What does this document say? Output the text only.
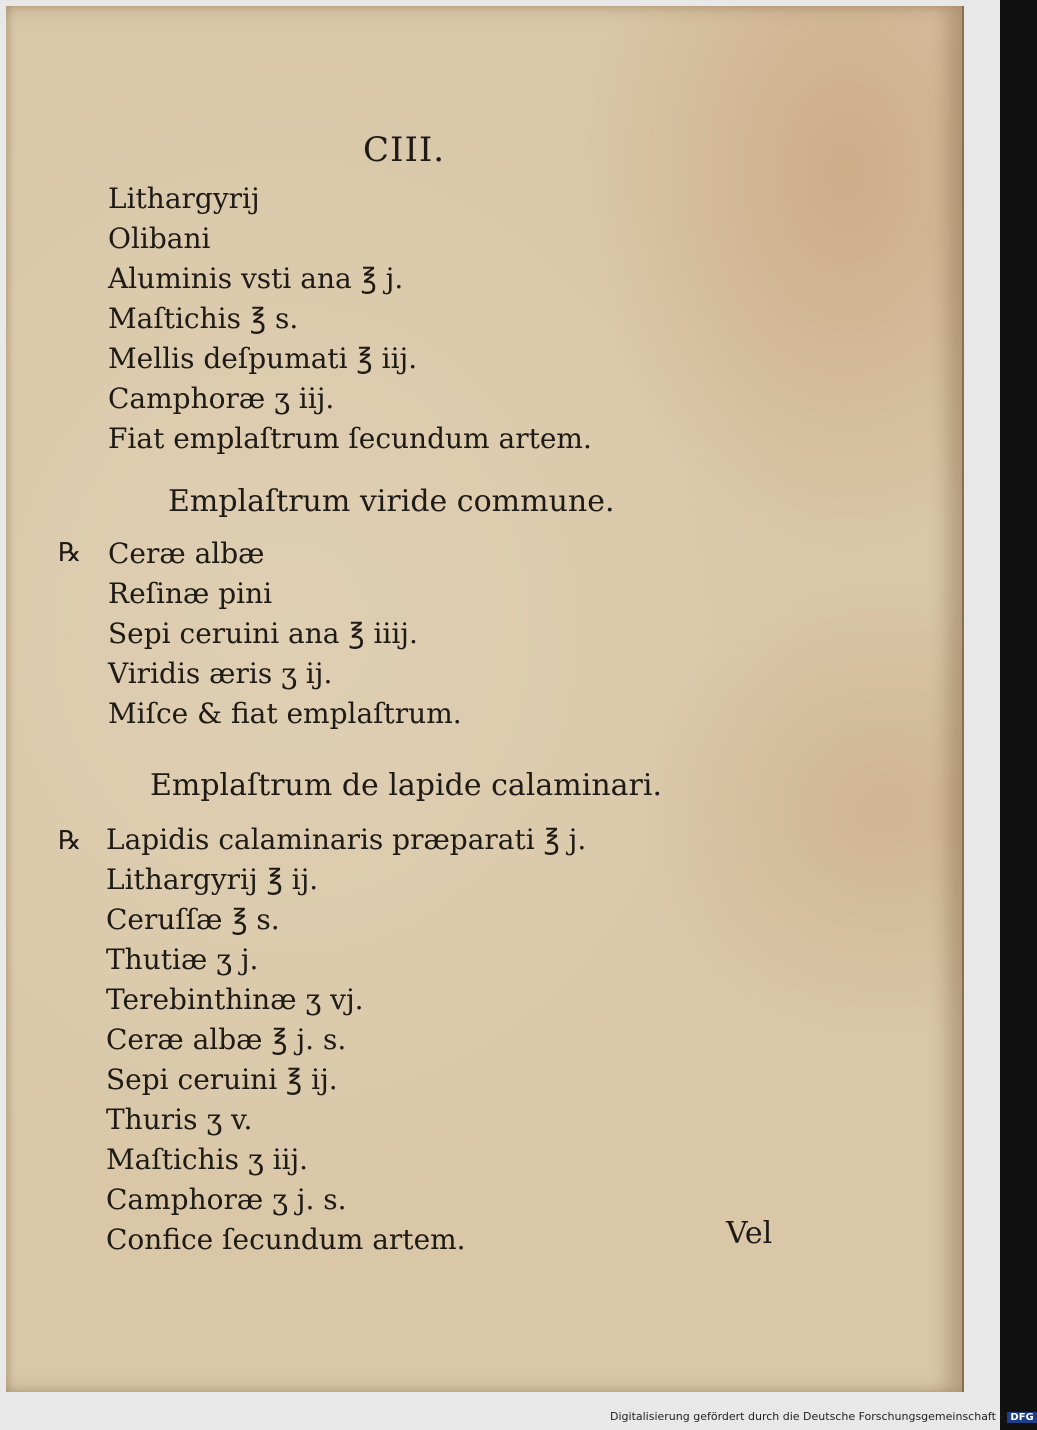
CIII.
Lithargyrij
Olibani
Aluminis vsti ana ℥ j.
Maſtichis ℥ s.
Mellis deſpumati ℥ iij.
Camphoræ ʒ iij.
Fiat emplaſtrum ſecundum artem.
Emplaſtrum viride commune.
℞ Ceræ albæ
Reſinæ pini
Sepi ceruini ana ℥ iiij.
Viridis æris ʒ ij.
Miſce & fiat emplaſtrum.
Emplaſtrum de lapide calaminari.
℞ Lapidis calaminaris præparati ℥ j.
Lithargyrij ℥ ij.
Ceruſſæ ℥ s.
Thutiæ ʒ j.
Terebinthinæ ʒ vj.
Ceræ albæ ℥ j. s.
Sepi ceruini ℥ ij.
Thuris ʒ v.
Maſtichis ʒ iij.
Camphoræ ʒ j. s.
Confice ſecundum artem.	Vel
Digitalisierung gefördert durch die Deutsche Forschungsgemeinschaft - DFG
